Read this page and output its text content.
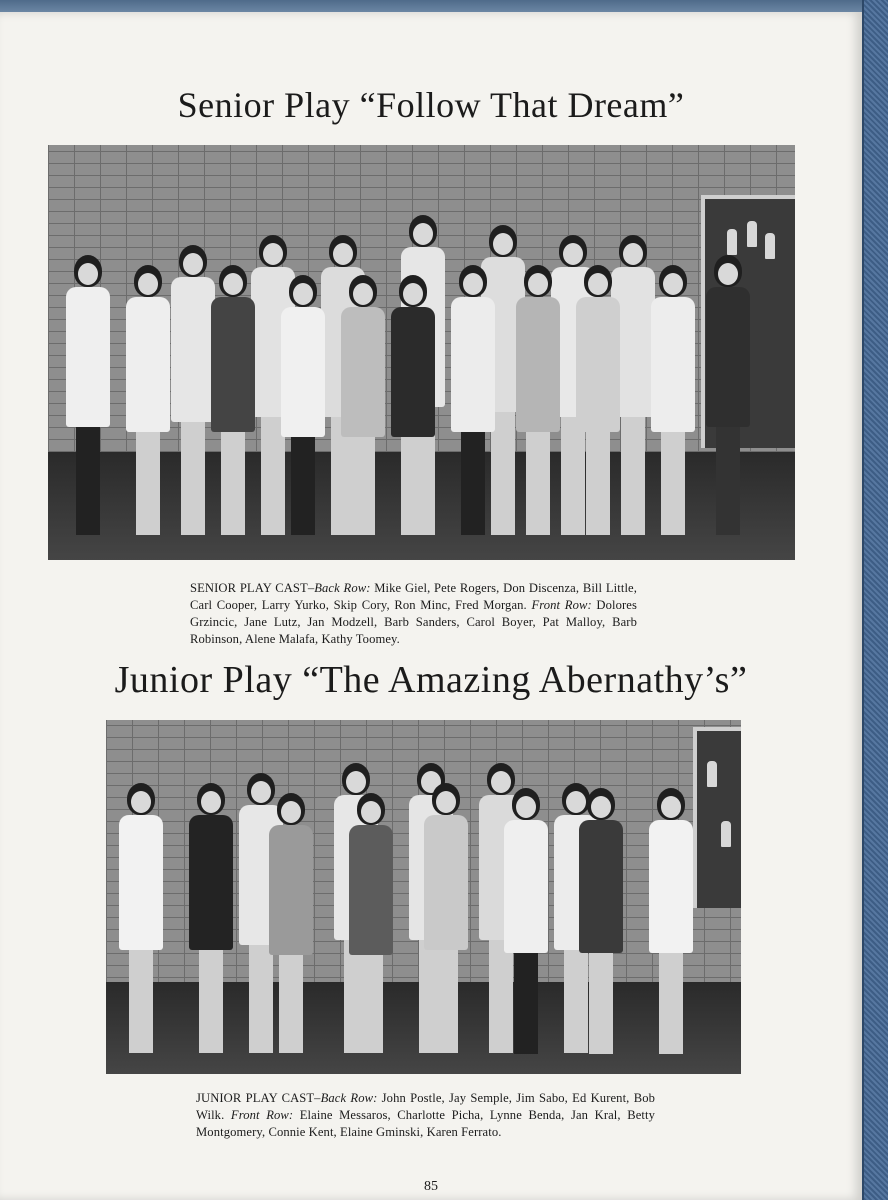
Senior Play “Follow That Dream”

SENIOR PLAY CAST–Back Row: Mike Giel, Pete Rogers, Don Discenza, Bill Little, Carl Cooper, Larry Yurko, Skip Cory, Ron Minc, Fred Morgan. Front Row: Dolores Grzincic, Jane Lutz, Jan Modzell, Barb Sanders, Carol Boyer, Pat Malloy, Barb Robinson, Alene Malafa, Kathy Toomey.

Junior Play “The Amazing Abernathy’s”

JUNIOR PLAY CAST–Back Row: John Postle, Jay Semple, Jim Sabo, Ed Kurent, Bob Wilk. Front Row: Elaine Messaros, Charlotte Picha, Lynne Benda, Jan Kral, Betty Montgomery, Connie Kent, Elaine Gminski, Karen Ferrato.

85
